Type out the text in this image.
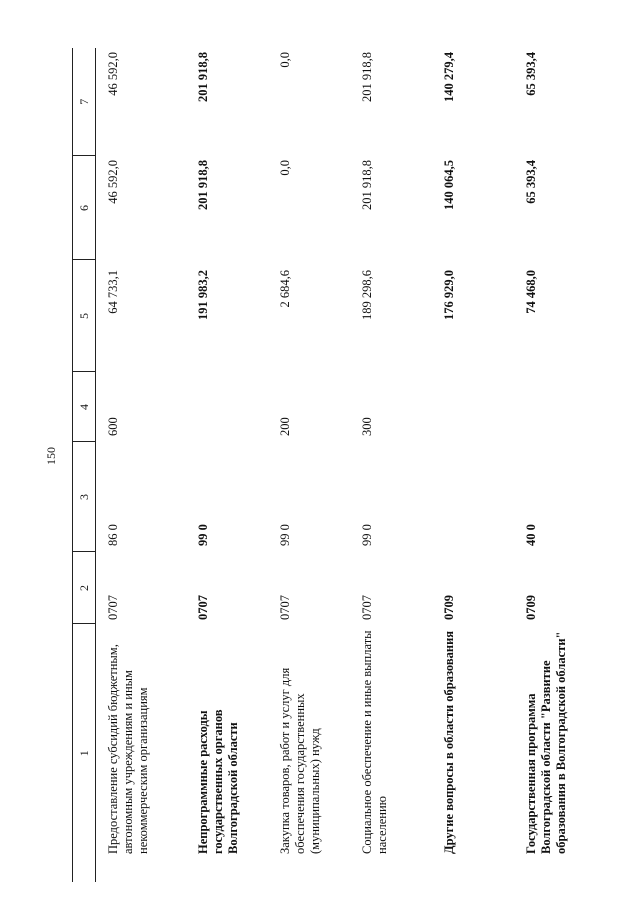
150
1	2	3	4	5	6	7
Предоставление субсидий бюджетным, автономным учреждениям и иным некоммерческим организациям	0707	86 0	600	64 733,1	46 592,0	46 592,0
Непрограммные расходы государственных органов Волгоградской области	0707	99 0		191 983,2	201 918,8	201 918,8
Закупка товаров, работ и услуг для обеспечения государственных (муниципальных) нужд	0707	99 0	200	2 684,6	0,0	0,0
Социальное обеспечение и иные выплаты населению	0707	99 0	300	189 298,6	201 918,8	201 918,8
Другие вопросы в области образования	0709			176 929,0	140 064,5	140 279,4
Государственная программа Волгоградской области "Развитие образования в Волгоградской области"	0709	40 0		74 468,0	65 393,4	65 393,4
